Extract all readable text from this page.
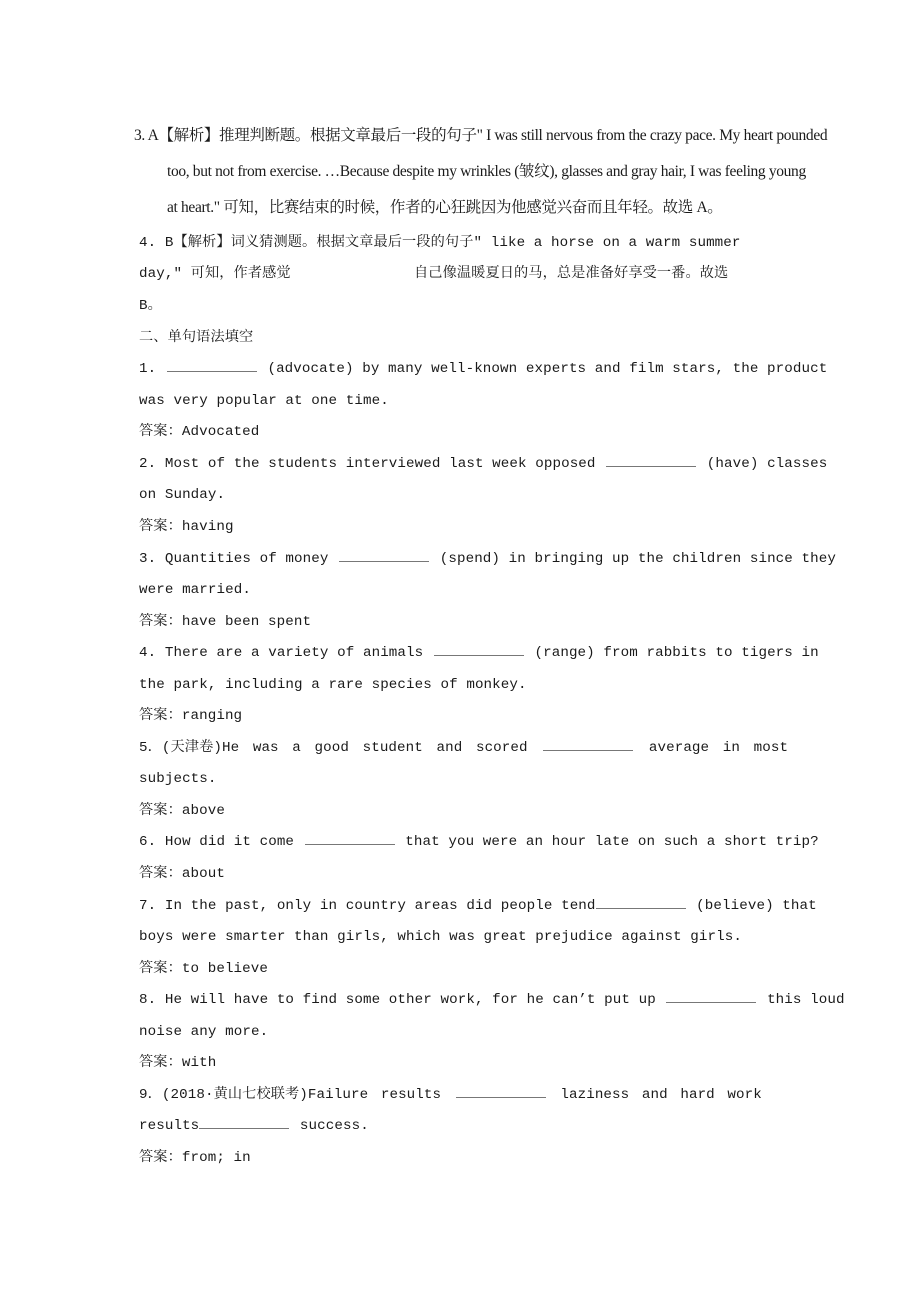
3. A【解析】推理判断题。根据文章最后一段的句子" I was still nervous from the crazy pace. My heart pounded
too, but not from exercise. …Because despite my wrinkles (皱纹), glasses and gray hair, I was feeling young
at heart." 可知，比赛结束的时候，作者的心狂跳因为他感觉兴奋而且年轻。故选 A。
4. B【解析】词义猜测题。根据文章最后一段的句子" like a horse on a warm summer
day," 可知，作者感觉	自己像温暖夏日的马，总是准备好享受一番。故选
B。
二、单句语法填空
1.	(advocate) by many well-known experts and film stars, the product
was very popular at one time.
答案：Advocated
2. Most of the students interviewed last week opposed	(have) classes
on Sunday.
答案：having
3. Quantities of money	(spend) in bringing up the children since they
were married.
答案：have been spent
4. There are a variety of animals	(range) from rabbits to tigers in
the park, including a rare species of monkey.
答案：ranging
5．(天津卷)He was a good student and scored	average in most
subjects.
答案：above
6. How did it come	that you were an hour late on such a short trip?
答案：about
7. In the past, only in country areas did people tend	(believe) that
boys were smarter than girls, which was great prejudice against girls.
答案：to believe
8. He will have to find some other work, for he can’t put up	this loud
noise any more.
答案：with
9．(2018·黄山七校联考)Failure results	laziness and hard work
results	success.
答案：from; in
